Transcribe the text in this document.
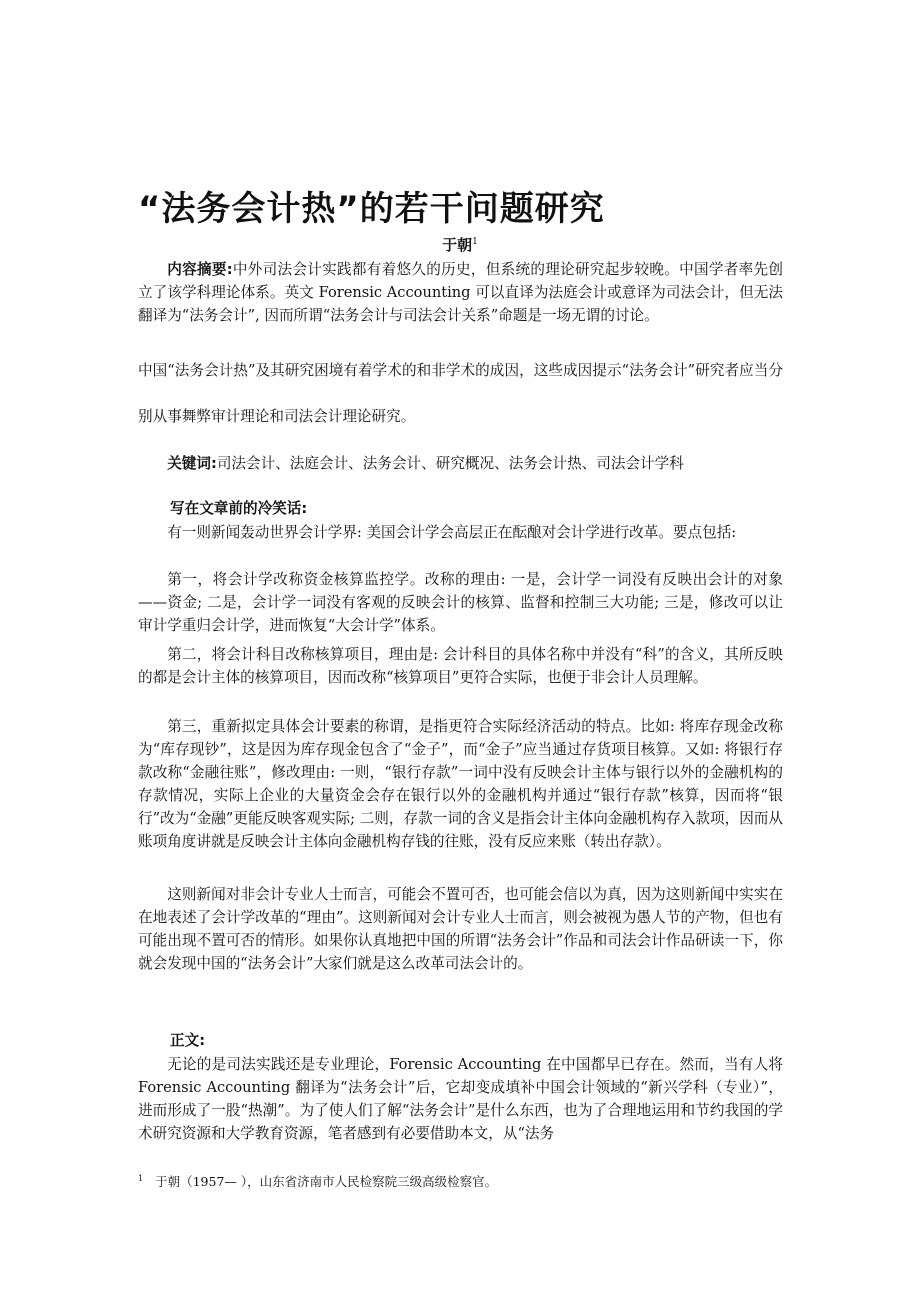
“法务会计热”的若干问题研究
于朝$^1$

内容摘要:中外司法会计实践都有着悠久的历史，但系统的理论研究起步较晚。中国学者率先创立了该学科理论体系。英文 Forensic Accounting 可以直译为法庭会计或意译为司法会计，但无法翻译为“法务会计”, 因而所谓“法务会计与司法会计关系”命题是一场无谓的讨论。

中国“法务会计热”及其研究困境有着学术的和非学术的成因，这些成因提示“法务会计”研究者应当分别从事舞弊审计理论和司法会计理论研究。

关键词:司法会计、法庭会计、法务会计、研究概况、法务会计热、司法会计学科

写在文章前的冷笑话:

有一则新闻轰动世界会计学界: 美国会计学会高层正在酝酿对会计学进行改革。要点包括:

第一，将会计学改称资金核算监控学。改称的理由: 一是，会计学一词没有反映出会计的对象——资金; 二是，会计学一词没有客观的反映会计的核算、监督和控制三大功能; 三是，修改可以让审计学重归会计学，进而恢复“大会计学”体系。

第二，将会计科目改称核算项目，理由是: 会计科目的具体名称中并没有“科”的含义，其所反映的都是会计主体的核算项目，因而改称“核算项目”更符合实际，也便于非会计人员理解。

第三，重新拟定具体会计要素的称谓，是指更符合实际经济活动的特点。比如: 将库存现金改称为“库存现钞”，这是因为库存现金包含了“金子”，而“金子”应当通过存货项目核算。又如: 将银行存款改称“金融往账”，修改理由: 一则，“银行存款”一词中没有反映会计主体与银行以外的金融机构的存款情况，实际上企业的大量资金会存在银行以外的金融机构并通过“银行存款”核算，因而将“银行”改为“金融”更能反映客观实际; 二则，存款一词的含义是指会计主体向金融机构存入款项，因而从账项角度讲就是反映会计主体向金融机构存钱的往账，没有反应来账（转出存款）。

这则新闻对非会计专业人士而言，可能会不置可否，也可能会信以为真，因为这则新闻中实实在在地表述了会计学改革的“理由”。这则新闻对会计专业人士而言，则会被视为愚人节的产物，但也有可能出现不置可否的情形。如果你认真地把中国的所谓“法务会计”作品和司法会计作品研读一下，你就会发现中国的“法务会计”大家们就是这么改革司法会计的。

正文:

无论的是司法实践还是专业理论，Forensic Accounting 在中国都早已存在。然而，当有人将 Forensic Accounting 翻译为“法务会计”后，它却变成填补中国会计领域的“新兴学科（专业）”，进而形成了一股“热潮”。为了使人们了解“法务会计”是什么东西，也为了合理地运用和节约我国的学术研究资源和大学教育资源，笔者感到有必要借助本文，从“法务

$^1$ 于朝（1957— ），山东省济南市人民检察院三级高级检察官。
